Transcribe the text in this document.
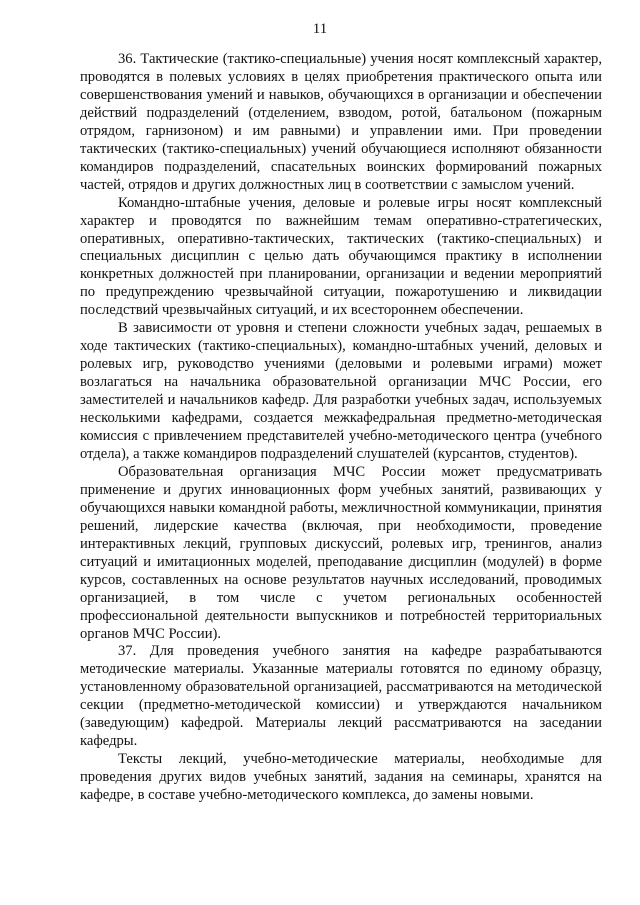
11

36. Тактические (тактико-специальные) учения носят комплексный характер, проводятся в полевых условиях в целях приобретения практического опыта или совершенствования умений и навыков, обучающихся в организации и обеспечении действий подразделений (отделением, взводом, ротой, батальоном (пожарным отрядом, гарнизоном) и им равными) и управлении ими. При проведении тактических (тактико-специальных) учений обучающиеся исполняют обязанности командиров подразделений, спасательных воинских формирований пожарных частей, отрядов и других должностных лиц в соответствии с замыслом учений.

Командно-штабные учения, деловые и ролевые игры носят комплексный характер и проводятся по важнейшим темам оперативно-стратегических, оперативных, оперативно-тактических, тактических (тактико-специальных) и специальных дисциплин с целью дать обучающимся практику в исполнении конкретных должностей при планировании, организации и ведении мероприятий по предупреждению чрезвычайной ситуации, пожаротушению и ликвидации последствий чрезвычайных ситуаций, и их всестороннем обеспечении.

В зависимости от уровня и степени сложности учебных задач, решаемых в ходе тактических (тактико-специальных), командно-штабных учений, деловых и ролевых игр, руководство учениями (деловыми и ролевыми играми) может возлагаться на начальника образовательной организации МЧС России, его заместителей и начальников кафедр. Для разработки учебных задач, используемых несколькими кафедрами, создается межкафедральная предметно-методическая комиссия с привлечением представителей учебно-методического центра (учебного отдела), а также командиров подразделений слушателей (курсантов, студентов).

Образовательная организация МЧС России может предусматривать применение и других инновационных форм учебных занятий, развивающих у обучающихся навыки командной работы, межличностной коммуникации, принятия решений, лидерские качества (включая, при необходимости, проведение интерактивных лекций, групповых дискуссий, ролевых игр, тренингов, анализ ситуаций и имитационных моделей, преподавание дисциплин (модулей) в форме курсов, составленных на основе результатов научных исследований, проводимых организацией, в том числе с учетом региональных особенностей профессиональной деятельности выпускников и потребностей территориальных органов МЧС России).

37. Для проведения учебного занятия на кафедре разрабатываются методические материалы. Указанные материалы готовятся по единому образцу, установленному образовательной организацией, рассматриваются на методической секции (предметно-методической комиссии) и утверждаются начальником (заведующим) кафедрой. Материалы лекций рассматриваются на заседании кафедры.

Тексты лекций, учебно-методические материалы, необходимые для проведения других видов учебных занятий, задания на семинары, хранятся на кафедре, в составе учебно-методического комплекса, до замены новыми.
